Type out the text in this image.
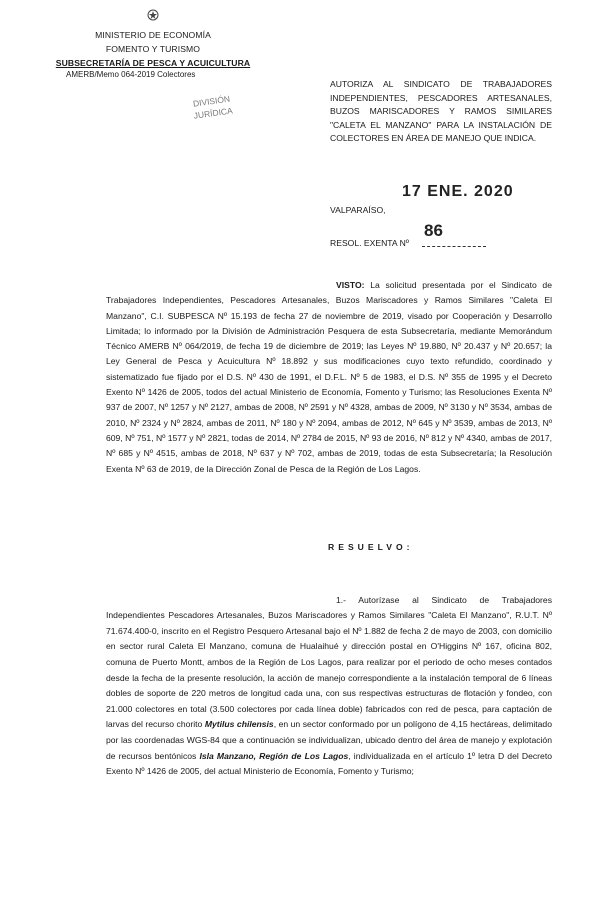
MINISTERIO DE ECONOMÍA
FOMENTO Y TURISMO
SUBSECRETARÍA DE PESCA Y ACUICULTURA
AMERB/Memo 064-2019 Colectores
DIVISIÓN
JURÍDICA
AUTORIZA AL SINDICATO DE TRABAJADORES INDEPENDIENTES, PESCADORES ARTESANALES, BUZOS MARISCADORES Y RAMOS SIMILARES "CALETA EL MANZANO" PARA LA INSTALACIÓN DE COLECTORES EN ÁREA DE MANEJO QUE INDICA.
VALPARAÍSO,
17 ENE. 2020
RESOL. EXENTA Nº
86

VISTO: La solicitud presentada por el Sindicato de Trabajadores Independientes, Pescadores Artesanales, Buzos Mariscadores y Ramos Similares "Caleta El Manzano", C.I. SUBPESCA Nº 15.193 de fecha 27 de noviembre de 2019, visado por Cooperación y Desarrollo Limitada; lo informado por la División de Administración Pesquera de esta Subsecretaría, mediante Memorándum Técnico AMERB Nº 064/2019, de fecha 19 de diciembre de 2019; las Leyes Nº 19.880, Nº 20.437 y Nº 20.657; la Ley General de Pesca y Acuicultura Nº 18.892 y sus modificaciones cuyo texto refundido, coordinado y sistematizado fue fijado por el D.S. Nº 430 de 1991, el D.F.L. Nº 5 de 1983, el D.S. Nº 355 de 1995 y el Decreto Exento Nº 1426 de 2005, todos del actual Ministerio de Economía, Fomento y Turismo; las Resoluciones Exenta Nº 937 de 2007, Nº 1257 y Nº 2127, ambas de 2008, Nº 2591 y Nº 4328, ambas de 2009, Nº 3130 y Nº 3534, ambas de 2010, Nº 2324 y Nº 2824, ambas de 2011, Nº 180 y Nº 2094, ambas de 2012, Nº 645 y Nº 3539, ambas de 2013, Nº 609, Nº 751, Nº 1577 y Nº 2821, todas de 2014, Nº 2784 de 2015, Nº 93 de 2016, Nº 812 y Nº 4340, ambas de 2017, Nº 685 y Nº 4515, ambas de 2018, Nº 637 y Nº 702, ambas de 2019, todas de esta Subsecretaría; la Resolución Exenta Nº 63 de 2019, de la Dirección Zonal de Pesca de la Región de Los Lagos.

RESUELVO:

1.- Autorízase al Sindicato de Trabajadores Independientes Pescadores Artesanales, Buzos Mariscadores y Ramos Similares "Caleta El Manzano", R.U.T. Nº 71.674.400-0, inscrito en el Registro Pesquero Artesanal bajo el Nº 1.882 de fecha 2 de mayo de 2003, con domicilio en sector rural Caleta El Manzano, comuna de Hualaihué y dirección postal en O'Higgins Nº 167, oficina 802, comuna de Puerto Montt, ambos de la Región de Los Lagos, para realizar por el periodo de ocho meses contados desde la fecha de la presente resolución, la acción de manejo correspondiente a la instalación temporal de 6 líneas dobles de soporte de 220 metros de longitud cada una, con sus respectivas estructuras de flotación y fondeo, con 21.000 colectores en total (3.500 colectores por cada línea doble) fabricados con red de pesca, para captación de larvas del recurso chorito Mytilus chilensis, en un sector conformado por un polígono de 4,15 hectáreas, delimitado por las coordenadas WGS-84 que a continuación se individualizan, ubicado dentro del área de manejo y explotación de recursos bentónicos Isla Manzano, Región de Los Lagos, individualizada en el artículo 1º letra D del Decreto Exento Nº 1426 de 2005, del actual Ministerio de Economía, Fomento y Turismo;
